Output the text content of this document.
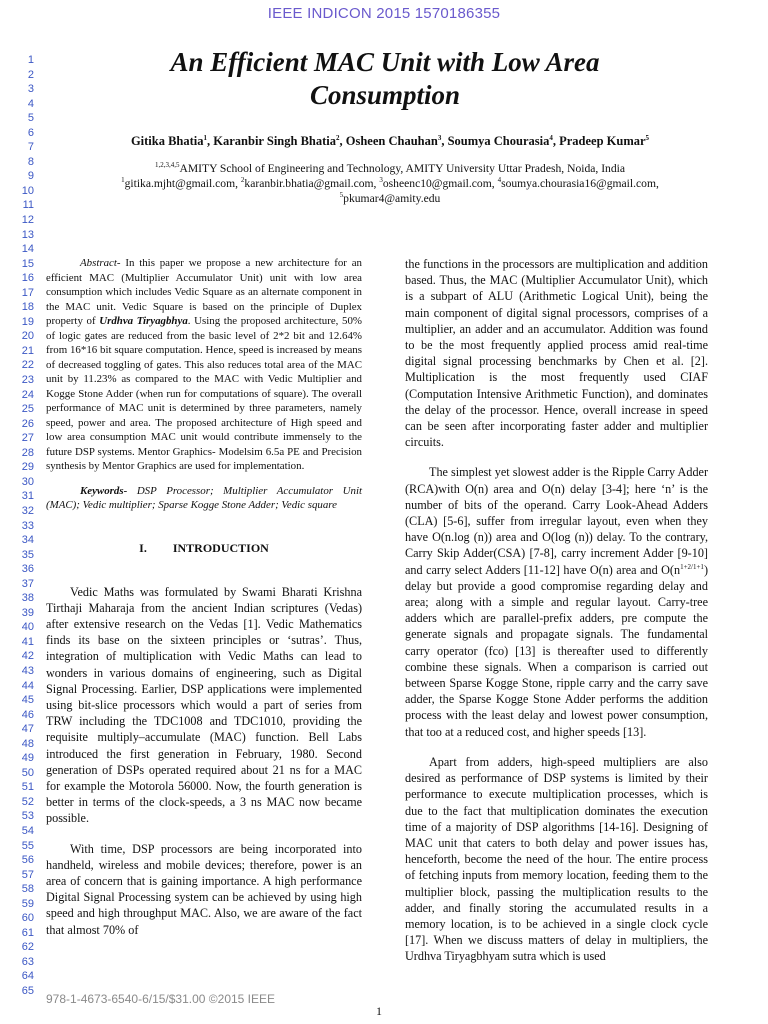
IEEE INDICON 2015 1570186355
1
2
3
4
5
6
7
8
9
10
11
12
13
14
15
16
17
18
19
20
21
22
23
24
25
26
27
28
29
30
31
32
33
34
35
36
37
38
39
40
41
42
43
44
45
46
47
48
49
50
51
52
53
54
55
56
57
58
59
60
61
62
63
64
65
An Efficient MAC Unit with Low Area
Consumption
Gitika Bhatia$^1$, Karanbir Singh Bhatia$^2$, Osheen Chauhan$^3$, Soumya Chourasia$^4$, Pradeep Kumar$^5$
$^{1,2,3,4,5}$AMITY School of Engineering and Technology, AMITY University Uttar Pradesh, Noida, India
$^1$gitika.mjht@gmail.com, $^2$karanbir.bhatia@gmail.com, $^3$osheenc10@gmail.com, $^4$soumya.chourasia16@gmail.com,
$^5$pkumar4@amity.edu

Abstract- In this paper we propose a new architecture for an efficient MAC (Multiplier Accumulator Unit) unit with low area consumption which includes Vedic Square as an alternate component in the MAC unit. Vedic Square is based on the principle of Duplex property of Urdhva Tiryagbhya. Using the proposed architecture, 50% of logic gates are reduced from the basic level of 2*2 bit and 12.64% from 16*16 bit square computation. Hence, speed is increased by means of decreased toggling of gates. This also reduces total area of the MAC unit by 11.23% as compared to the MAC with Vedic Multiplier and Kogge Stone Adder (when run for computations of square). The overall performance of MAC unit is determined by three parameters, namely speed, power and area. The proposed architecture of High speed and low area consumption MAC unit would contribute immensely to the future DSP systems. Mentor Graphics- Modelsim 6.5a PE and Precision synthesis by Mentor Graphics are used for implementation.

Keywords- DSP Processor; Multiplier Accumulator Unit (MAC); Vedic multiplier; Sparse Kogge Stone Adder; Vedic square

I. INTRODUCTION

Vedic Maths was formulated by Swami Bharati Krishna Tirthaji Maharaja from the ancient Indian scriptures (Vedas) after extensive research on the Vedas [1]. Vedic Mathematics finds its base on the sixteen principles or ‘sutras’. Thus, integration of multiplication with Vedic Maths can lead to wonders in various domains of engineering, such as Digital Signal Processing. Earlier, DSP applications were implemented using bit-slice processors which would a part of series from TRW including the TDC1008 and TDC1010, providing the requisite multiply–accumulate (MAC) function. Bell Labs introduced the first generation in February, 1980. Second generation of DSPs operated required about 21 ns for a MAC for example the Motorola 56000. Now, the fourth generation is better in terms of the clock-speeds, a 3 ns MAC now became possible.

With time, DSP processors are being incorporated into handheld, wireless and mobile devices; therefore, power is an area of concern that is gaining importance. A high performance Digital Signal Processing system can be achieved by using high speed and high throughput MAC. Also, we are aware of the fact that almost 70% of

the functions in the processors are multiplication and addition based. Thus, the MAC (Multiplier Accumulator Unit), which is a subpart of ALU (Arithmetic Logical Unit), being the main component of digital signal processors, comprises of a multiplier, an adder and an accumulator. Addition was found to be the most frequently applied process amid real-time digital signal processing benchmarks by Chen et al. [2]. Multiplication is the most frequently used CIAF (Computation Intensive Arithmetic Function), and dominates the delay of the processor. Hence, overall increase in speed can be seen after incorporating faster adder and multiplier circuits.

The simplest yet slowest adder is the Ripple Carry Adder (RCA)with O(n) area and O(n) delay [3-4]; here ‘n’ is the number of bits of the operand. Carry Look-Ahead Adders (CLA) [5-6], suffer from irregular layout, even when they have O(n.log (n)) area and O(log (n)) delay. To the contrary, Carry Skip Adder(CSA) [7-8], carry increment Adder [9-10] and carry select Adders [11-12] have O(n) area and $O(n^{1+2/1+1})$ delay but provide a good compromise regarding delay and area; along with a simple and regular layout. Carry-tree adders which are parallel-prefix adders, pre compute the generate signals and propagate signals. The fundamental carry operator (fco) [13] is thereafter used to differently combine these signals. When a comparison is carried out between Sparse Kogge Stone, ripple carry and the carry save adder, the Sparse Kogge Stone Adder performs the addition process with the least delay and lowest power consumption, that too at a reduced cost, and higher speeds [13].

Apart from adders, high-speed multipliers are also desired as performance of DSP systems is limited by their performance to execute multiplication processes, which is due to the fact that multiplication dominates the execution time of a majority of DSP algorithms [14-16]. Designing of MAC unit that caters to both delay and power issues has, henceforth, become the need of the hour. The entire process of fetching inputs from memory location, feeding them to the multiplier block, passing the multiplication results to the adder, and finally storing the accumulated results in a memory location, is to be achieved in a single clock cycle [17]. When we discuss matters of delay in multipliers, the Urdhva Tiryagbhyam sutra which is used

978-1-4673-6540-6/15/$31.00 ©2015 IEEE
1
